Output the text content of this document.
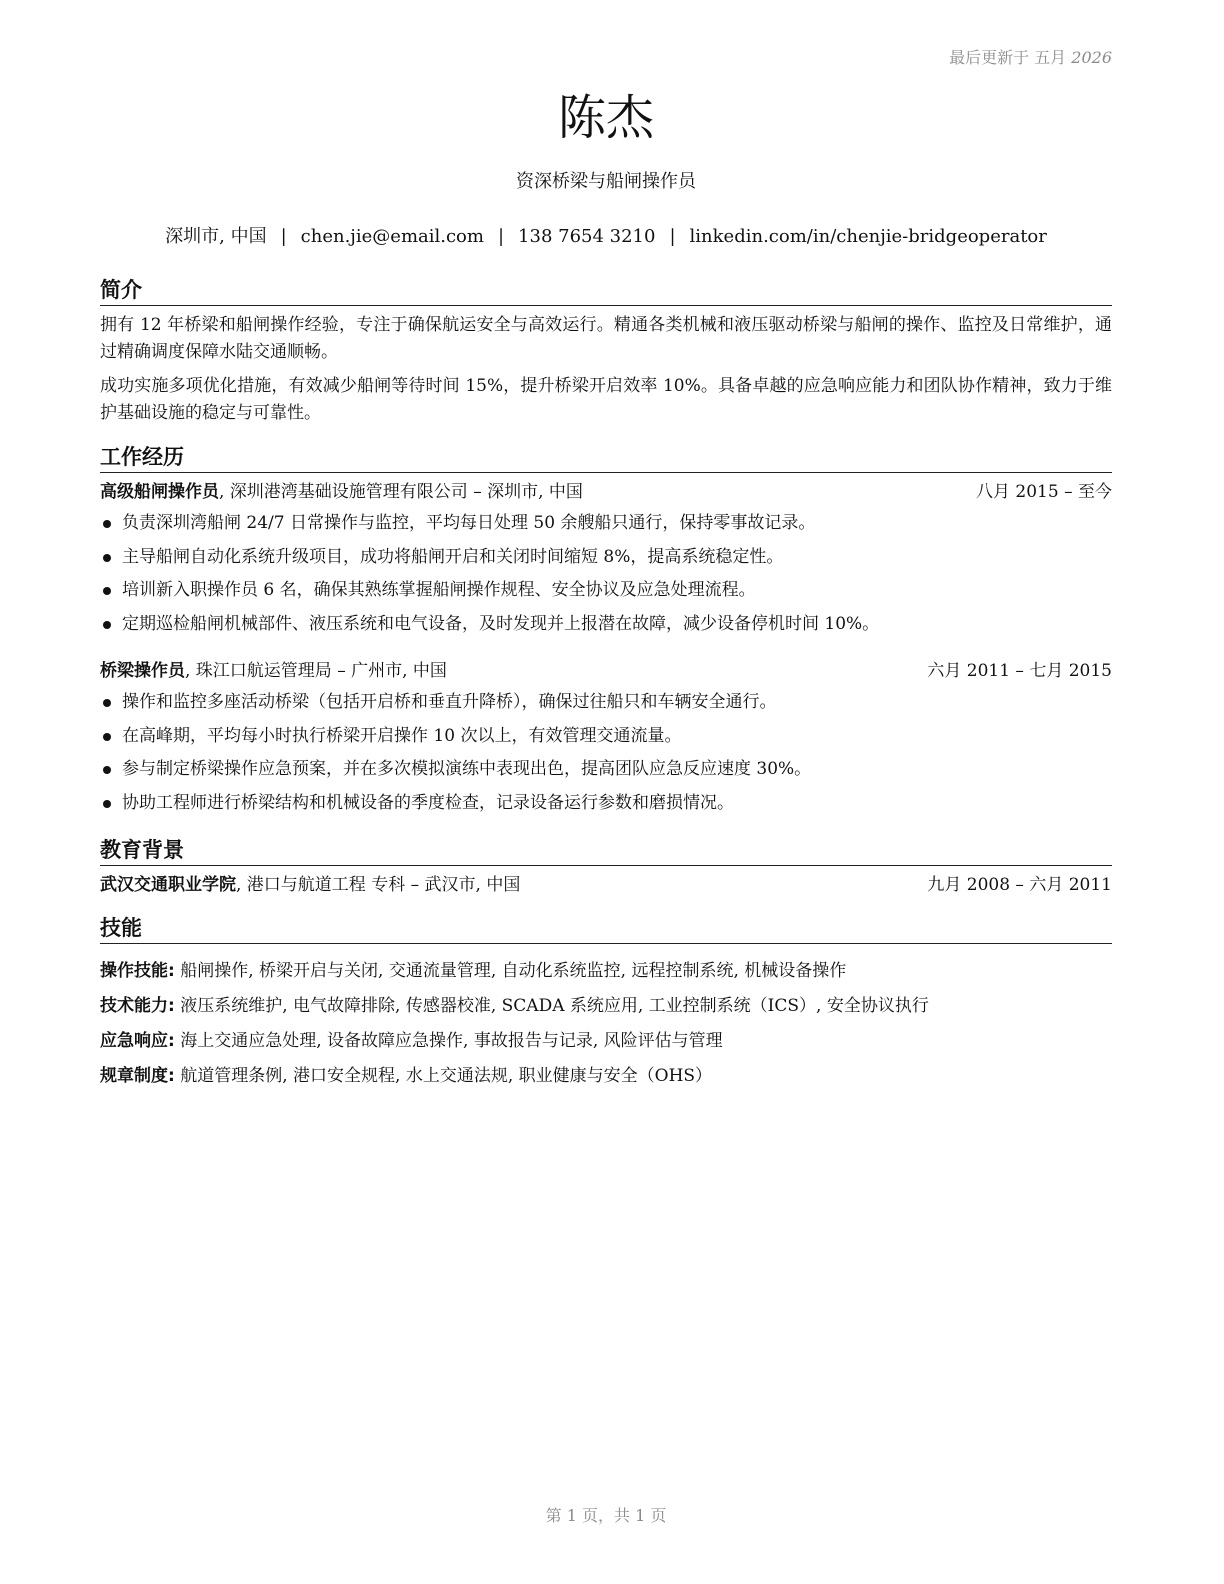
最后更新于 五月 2026
陈杰
资深桥梁与船闸操作员
深圳市, 中国 | chen.jie@email.com | 138 7654 3210 | linkedin.com/in/chenjie-bridgeoperator
简介

拥有 12 年桥梁和船闸操作经验，专注于确保航运安全与高效运行。精通各类机械和液压驱动桥梁与船闸的操作、监控及日常维护，通过精确调度保障水陆交通顺畅。

成功实施多项优化措施，有效减少船闸等待时间 15%，提升桥梁开启效率 10%。具备卓越的应急响应能力和团队协作精神，致力于维护基础设施的稳定与可靠性。

工作经历
高级船闸操作员, 深圳港湾基础设施管理有限公司 – 深圳市, 中国	八月 2015 – 至今
负责深圳湾船闸 24/7 日常操作与监控，平均每日处理 50 余艘船只通行，保持零事故记录。
主导船闸自动化系统升级项目，成功将船闸开启和关闭时间缩短 8%，提高系统稳定性。
培训新入职操作员 6 名，确保其熟练掌握船闸操作规程、安全协议及应急处理流程。
定期巡检船闸机械部件、液压系统和电气设备，及时发现并上报潜在故障，减少设备停机时间 10%。
桥梁操作员, 珠江口航运管理局 – 广州市, 中国	六月 2011 – 七月 2015
操作和监控多座活动桥梁（包括开启桥和垂直升降桥），确保过往船只和车辆安全通行。
在高峰期，平均每小时执行桥梁开启操作 10 次以上，有效管理交通流量。
参与制定桥梁操作应急预案，并在多次模拟演练中表现出色，提高团队应急反应速度 30%。
协助工程师进行桥梁结构和机械设备的季度检查，记录设备运行参数和磨损情况。
教育背景
武汉交通职业学院, 港口与航道工程 专科 – 武汉市, 中国	九月 2008 – 六月 2011
技能
操作技能: 船闸操作, 桥梁开启与关闭, 交通流量管理, 自动化系统监控, 远程控制系统, 机械设备操作
技术能力: 液压系统维护, 电气故障排除, 传感器校准, SCADA 系统应用, 工业控制系统（ICS）, 安全协议执行
应急响应: 海上交通应急处理, 设备故障应急操作, 事故报告与记录, 风险评估与管理
规章制度: 航道管理条例, 港口安全规程, 水上交通法规, 职业健康与安全（OHS）
第 1 页，共 1 页
